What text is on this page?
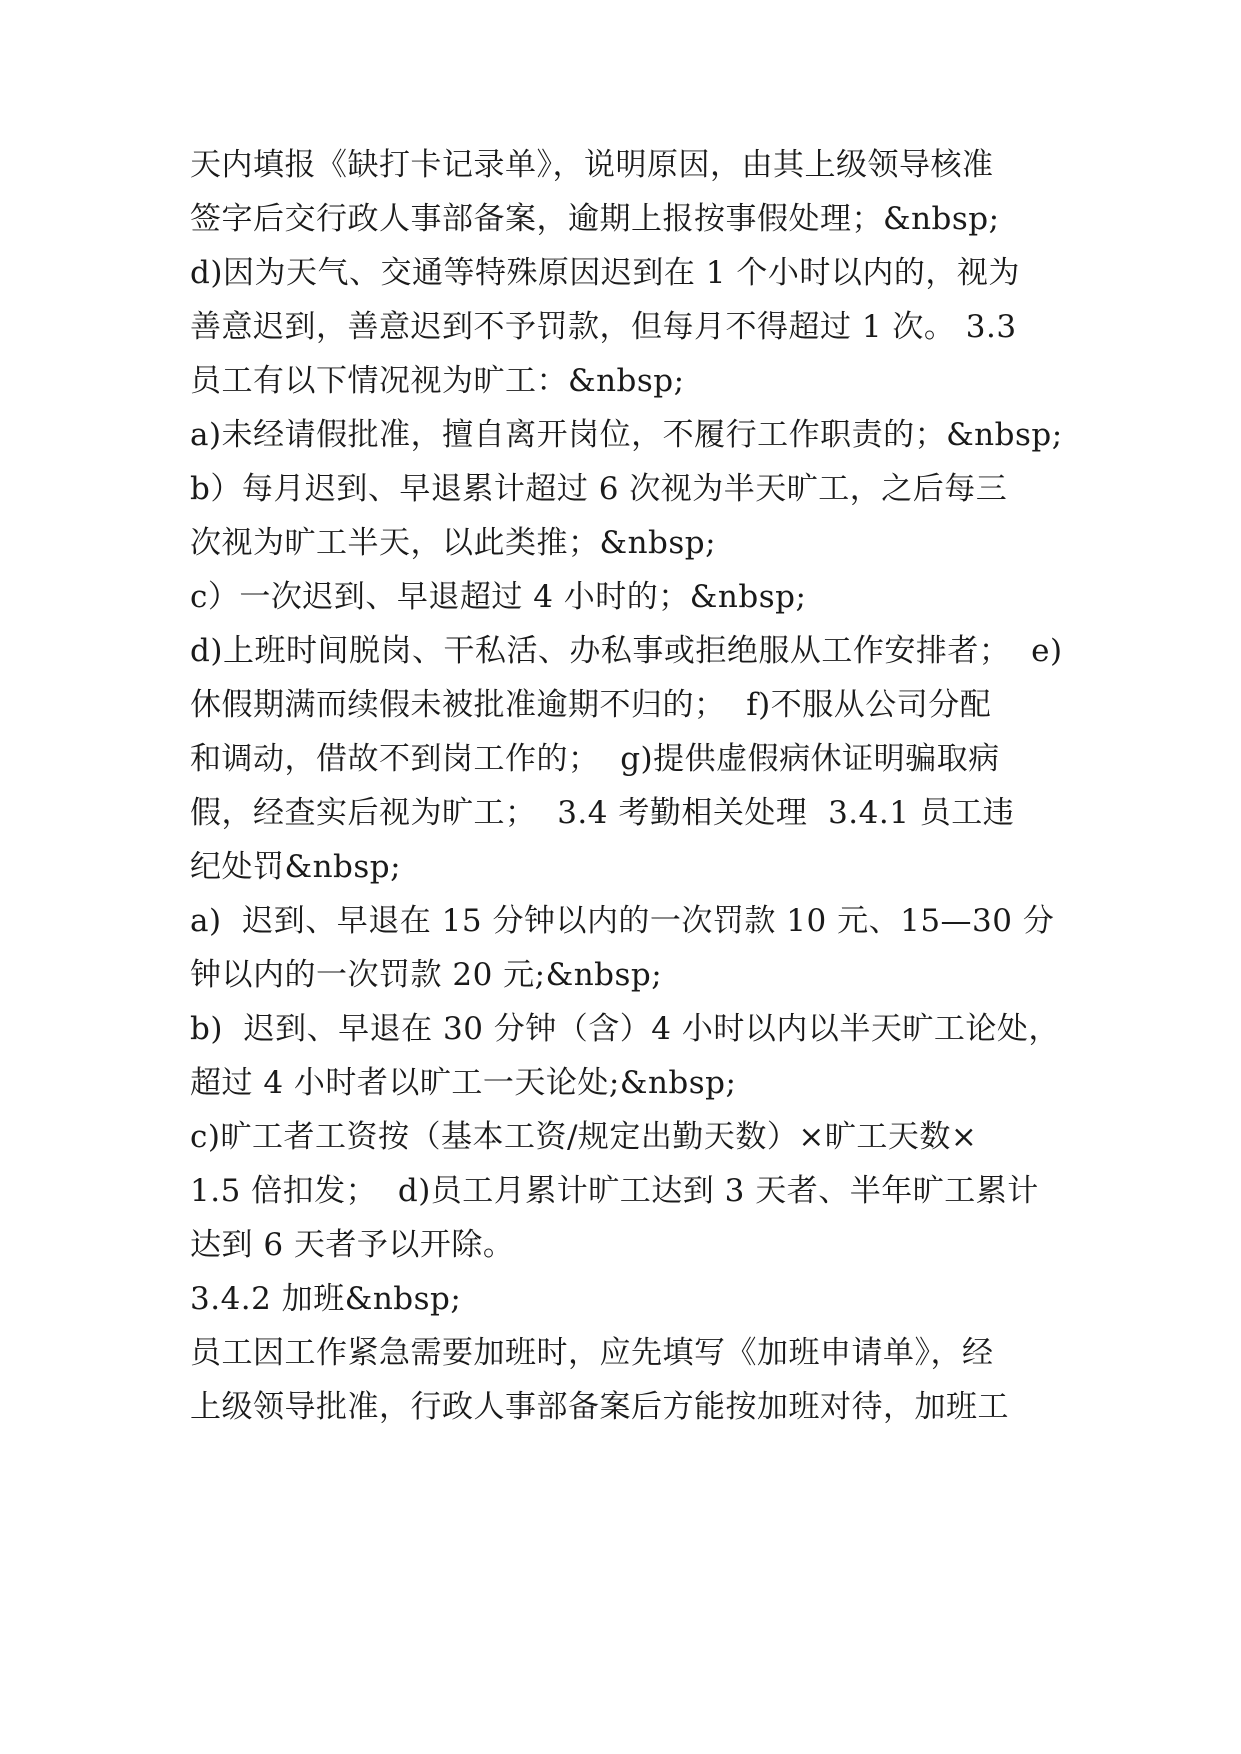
天内填报《缺打卡记录单》，说明原因，由其上级领导核准

签字后交行政人事部备案，逾期上报按事假处理；&nbsp;

d)因为天气、交通等特殊原因迟到在 1 个小时以内的，视为

善意迟到，善意迟到不予罚款，但每月不得超过 1 次。 3.3

员工有以下情况视为旷工：&nbsp;

a)未经请假批准，擅自离开岗位，不履行工作职责的；&nbsp;

b）每月迟到、早退累计超过 6 次视为半天旷工，之后每三

次视为旷工半天，以此类推；&nbsp;

c）一次迟到、早退超过 4 小时的；&nbsp;

d)上班时间脱岗、干私活、办私事或拒绝服从工作安排者；  e)

休假期满而续假未被批准逾期不归的；  f)不服从公司分配

和调动，借故不到岗工作的；  g)提供虚假病休证明骗取病

假，经查实后视为旷工；  3.4 考勤相关处理  3.4.1 员工违

纪处罚&nbsp;

a)  迟到、早退在 15 分钟以内的一次罚款 10 元、15—30 分

钟以内的一次罚款 20 元;&nbsp;

b)  迟到、早退在 30 分钟（含）4 小时以内以半天旷工论处，

超过 4 小时者以旷工一天论处;&nbsp;

c)旷工者工资按（基本工资/规定出勤天数）×旷工天数×

1.5 倍扣发；  d)员工月累计旷工达到 3 天者、半年旷工累计

达到 6 天者予以开除。

3.4.2 加班&nbsp;

员工因工作紧急需要加班时，应先填写《加班申请单》，经

上级领导批准，行政人事部备案后方能按加班对待，加班工
